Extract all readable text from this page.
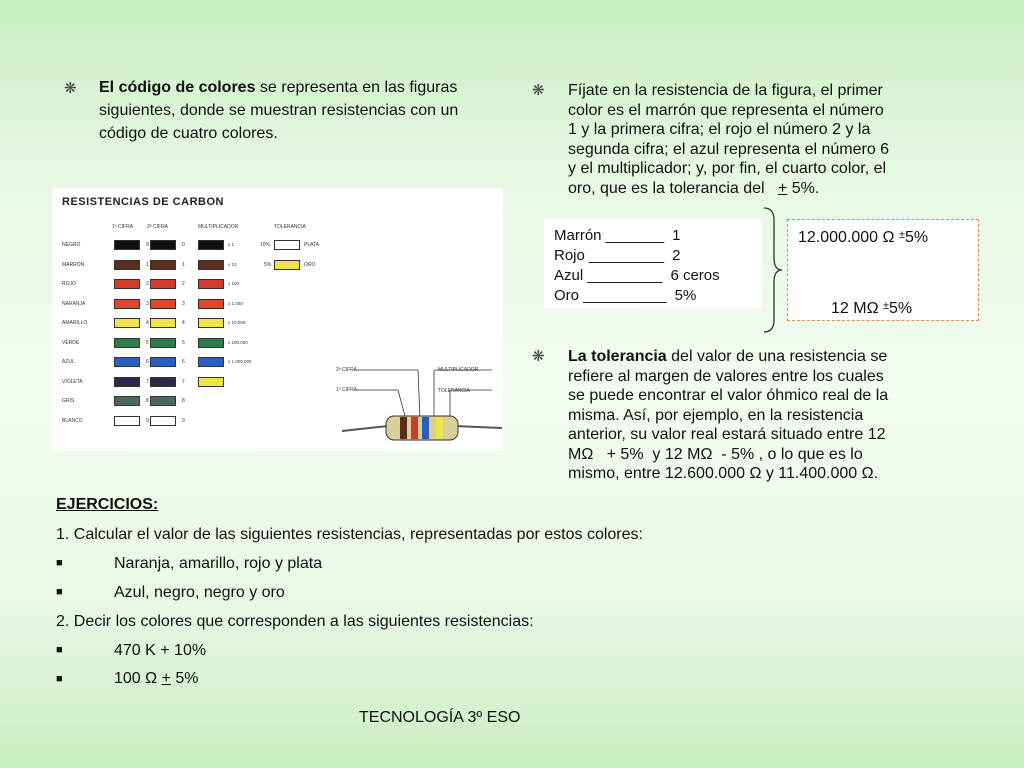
❋ El código de colores se representa en las figuras siguientes, donde se muestran resistencias con un código de cuatro colores.
❋ Fíjate en la resistencia de la figura, el primer
color es el marrón que representa el número
1 y la primera cifra; el rojo el número 2 y la
segunda cifra; el azul representa el número 6
y el multiplicador; y, por fin, el cuarto color, el
oro, que es la tolerancia del   + 5%.
RESISTENCIAS DE CARBON
1ª CIFRA	2ª CIFRA	MULTIPLICADOR	TOLERANCIA
NEGRO	0	0	x 1
MARRÓN	1	1	x 10
ROJO	2	2	x 100
NARANJA	3	3	x 1.000
AMARILLO	4	4	x 10.000
VERDE	5	5	x 100.000
AZUL	6	6	x 1.000.000
VIOLETA	7	7
GRIS	8	8
BLANCO	9	9
10%	PLATA
5%	ORO
2ª CIFRA
1ª CIFRA
MULTIPLICADOR
TOLERANCIA
Marrón _______ 1
Rojo _________ 2
Azul _________ 6 ceros
Oro __________ 5%
12.000.000 Ω ±5%
12 MΩ ±5%
❋ La tolerancia del valor de una resistencia se
refiere al margen de valores entre los cuales
se puede encontrar el valor óhmico real de la
misma. Así, por ejemplo, en la resistencia
anterior, su valor real estará situado entre 12
MΩ   + 5%  y 12 MΩ  - 5% , o lo que es lo
mismo, entre 12.600.000 Ω y 11.400.000 Ω.
EJERCICIOS:
1. Calcular el valor de las siguientes resistencias, representadas por estos colores:
■	Naranja, amarillo, rojo y plata
■	Azul, negro, negro y oro
2. Decir los colores que corresponden a las siguientes resistencias:
■	470 K + 10%
■	100 Ω + 5%
TECNOLOGÍA 3º ESO
